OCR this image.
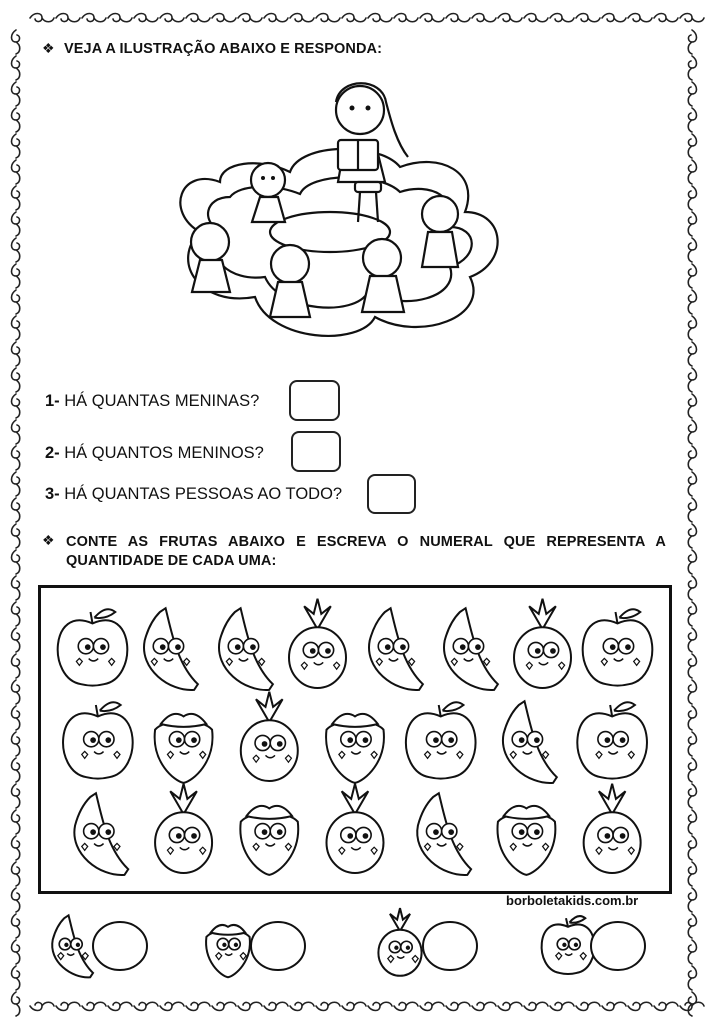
❖ VEJA A ILUSTRAÇÃO ABAIXO E RESPONDA:
1- HÁ QUANTAS MENINAS?
2- HÁ QUANTOS MENINOS?
3- HÁ QUANTAS PESSOAS AO TODO?
❖ CONTE AS FRUTAS ABAIXO E ESCREVA O NUMERAL QUE REPRESENTA A
QUANTIDADE DE CADA UMA:
borboletakids.com.br
